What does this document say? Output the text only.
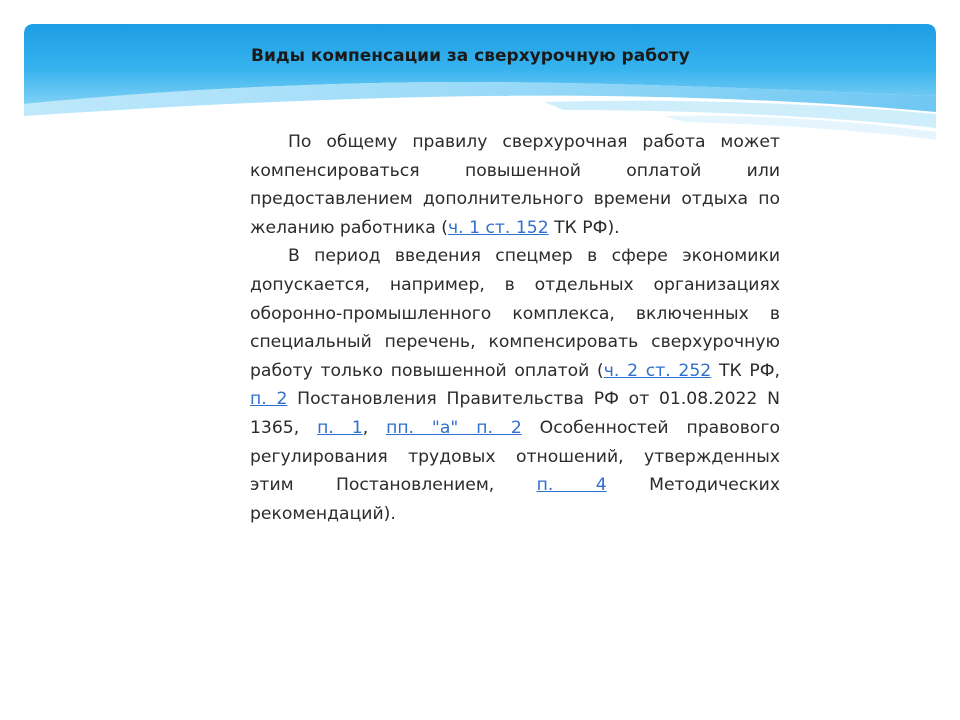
Виды компенсации за сверхурочную работу

По общему правилу сверхурочная работа может компенсироваться повышенной оплатой или предоставлением дополнительного времени отдыха по желанию работника (ч. 1 ст. 152 ТК РФ).

В период введения спецмер в сфере экономики допускается, например, в отдельных организациях оборонно-промышленного комплекса, включенных в специальный перечень, компенсировать сверхурочную работу только повышенной оплатой (ч. 2 ст. 252 ТК РФ, п. 2 Постановления Правительства РФ от 01.08.2022 N 1365, п. 1, пп. "а" п. 2 Особенностей правового регулирования трудовых отношений, утвержденных этим Постановлением, п. 4 Методических рекомендаций).
